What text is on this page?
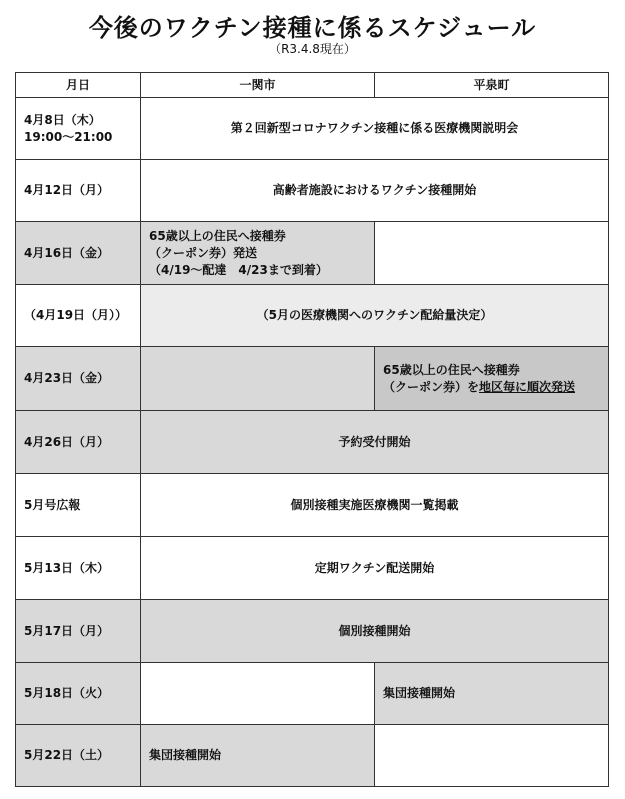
今後のワクチン接種に係るスケジュール
（R3.4.8現在）
月日	一関市	平泉町

4月8日（木）
19:00～21:00	第２回新型コロナワクチン接種に係る医療機関説明会	
4月12日（月）	高齢者施設におけるワクチン接種開始	
4月16日（金）	65歳以上の住民へ接種券
（クーポン券）発送
（4/19～配達　4/23まで到着）	

（4月19日（月））	（5月の医療機関へのワクチン配給量決定）	
4月23日（金）		65歳以上の住民へ接種券
（クーポン券）を地区毎に順次発送

4月26日（月）	予約受付開始	
5月号広報	個別接種実施医療機関一覧掲載	
5月13日（木）	定期ワクチン配送開始	
5月17日（月）	個別接種開始	
5月18日（火）		集団接種開始
5月22日（土）	集団接種開始	
